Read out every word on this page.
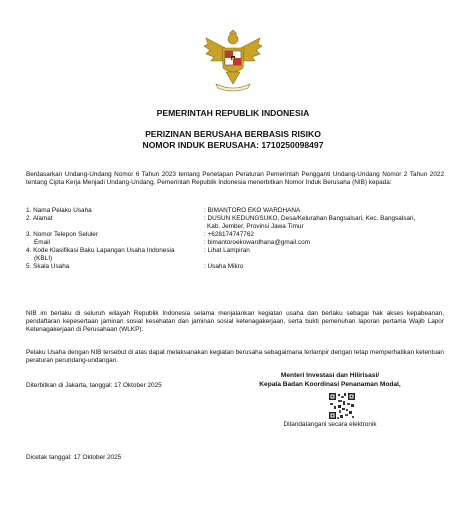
PEMERINTAH REPUBLIK INDONESIA
PERIZINAN BERUSAHA BERBASIS RISIKO
NOMOR INDUK BERUSAHA: 1710250098497
Berdasarkan Undang-Undang Nomor 6 Tahun 2023 tentang Penetapan Peraturan Pemerintah Pengganti Undang-Undang Nomor 2 Tahun 2022 tentang Cipta Kerja Menjadi Undang-Undang, Pemerintah Republik Indonesia menerbitkan Nomor Induk Berusaha (NIB) kepada:
1. Nama Pelaku Usaha	: BIMANTORO EKO WARDHANA
2. Alamat	: DUSUN KEDUNGSUKO, Desa/Kelurahan Bangsalsari, Kec. Bangsalsari,
Kab. Jember, Provinsi Jawa Timur
3. Nomor Telepon Seluler	: +628174747762
Email	: bimantoroekowardhana@gmail.com
4. Kode Klasifikasi Baku Lapangan Usaha Indonesia	: Lihat Lampiran
(KBLI)
5. Skala Usaha	: Usaha Mikro
NIB ini berlaku di seluruh wilayah Republik Indonesia selama menjalankan kegiatan usaha dan berlaku sebagai hak akses kepabeanan, pendaftaran kepesertaan jaminan sosial kesehatan dan jaminan sosial ketenagakerjaan, serta bukti pemenuhan laporan pertama Wajib Lapor Ketenagakerjaan di Perusahaan (WLKP).
Pelaku Usaha dengan NIB tersebut di atas dapat melaksanakan kegiatan berusaha sebagaimana terlampir dengan tetap memperhatikan ketentuan peraturan perundang-undangan.
Diterbitkan di Jakarta, tanggal: 17 Oktober 2025
Menteri Investasi dan Hilirisasi/
Kepala Badan Koordinasi Penanaman Modal,
Ditandatangani secara elektronik
Dicetak tanggal: 17 Oktober 2025
